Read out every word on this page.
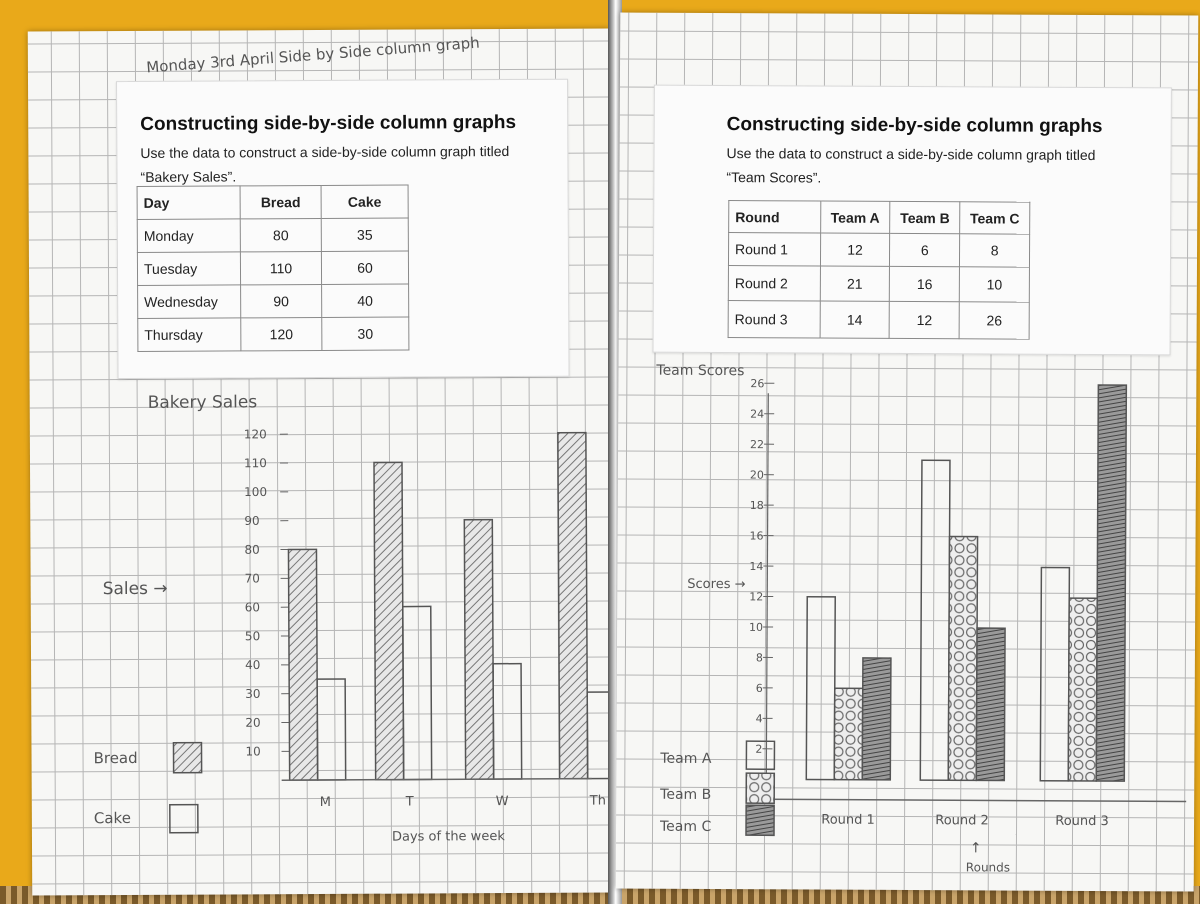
Monday 3rd April Side by Side column graph
Constructing side-by-side column graphs

Use the data to construct a side-by-side column graph titled
“Bakery Sales”.

Day	Bread	Cake
Monday	80	35
Tuesday	110	60
Wednesday	90	40
Thursday	120	30
Bakery Sales
Sales →
Days of the week
Bread
Cake
120
110
100
90
80
70
60
50
40
30
20
10
M	T	W	Th
Constructing side-by-side column graphs

Use the data to construct a side-by-side column graph titled
“Team Scores”.

Round	Team A	Team B	Team C
Round 1	12	6	8
Round 2	21	16	10
Round 3	14	12	26
Team Scores
Scores →
↑
Rounds
Team A
Team B
Team C
26
24
22
20
18
16
14
12
10
8
6
4
2
Round 1	Round 2	Round 3
